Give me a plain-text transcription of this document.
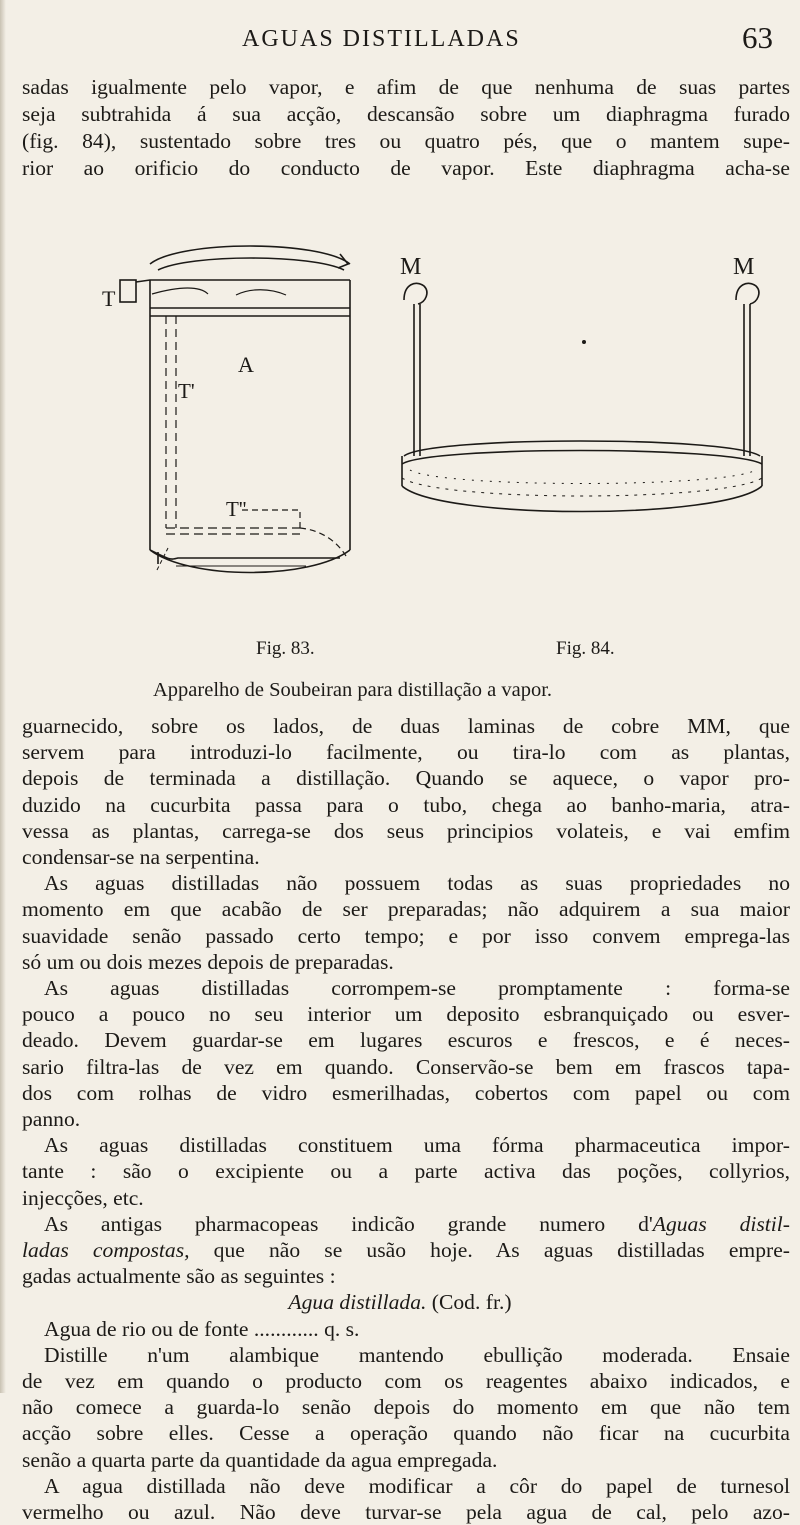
AGUAS DISTILLADAS	63
sadas igualmente pelo vapor, e afim de que nenhuma de suas partes
seja subtrahida á sua acção, descansão sobre um diaphragma furado
(fig. 84), sustentado sobre tres ou quatro pés, que o mantem supe-
rior ao orificio do conducto de vapor. Este diaphragma acha-se
T
A
T'
T''
M	M
Fig. 83.	Fig. 84.
Apparelho de Soubeiran para distillação a vapor.
guarnecido, sobre os lados, de duas laminas de cobre MM, que
servem para introduzi-lo facilmente, ou tira-lo com as plantas,
depois de terminada a distillação. Quando se aquece, o vapor pro-
duzido na cucurbita passa para o tubo, chega ao banho-maria, atra-
vessa as plantas, carrega-se dos seus principios volateis, e vai emfim
condensar-se na serpentina.
As aguas distilladas não possuem todas as suas propriedades no
momento em que acabão de ser preparadas; não adquirem a sua maior
suavidade senão passado certo tempo; e por isso convem emprega-las
só um ou dois mezes depois de preparadas.
As aguas distilladas corrompem-se promptamente : forma-se
pouco a pouco no seu interior um deposito esbranquiçado ou esver-
deado. Devem guardar-se em lugares escuros e frescos, e é neces-
sario filtra-las de vez em quando. Conservão-se bem em frascos tapa-
dos com rolhas de vidro esmerilhadas, cobertos com papel ou com
panno.
As aguas distilladas constituem uma fórma pharmaceutica impor-
tante : são o excipiente ou a parte activa das poções, collyrios,
injecções, etc.
As antigas pharmacopeas indicão grande numero d'Aguas distil-
ladas compostas, que não se usão hoje. As aguas distilladas empre-
gadas actualmente são as seguintes :
Agua distillada. (Cod. fr.)
Agua de rio ou de fonte ............ q. s.
Distille n'um alambique mantendo ebullição moderada. Ensaie
de vez em quando o producto com os reagentes abaixo indicados, e
não comece a guarda-lo senão depois do momento em que não tem
acção sobre elles. Cesse a operação quando não ficar na cucurbita
senão a quarta parte da quantidade da agua empregada.
A agua distillada não deve modificar a côr do papel de turnesol
vermelho ou azul. Não deve turvar-se pela agua de cal, pelo azo-
